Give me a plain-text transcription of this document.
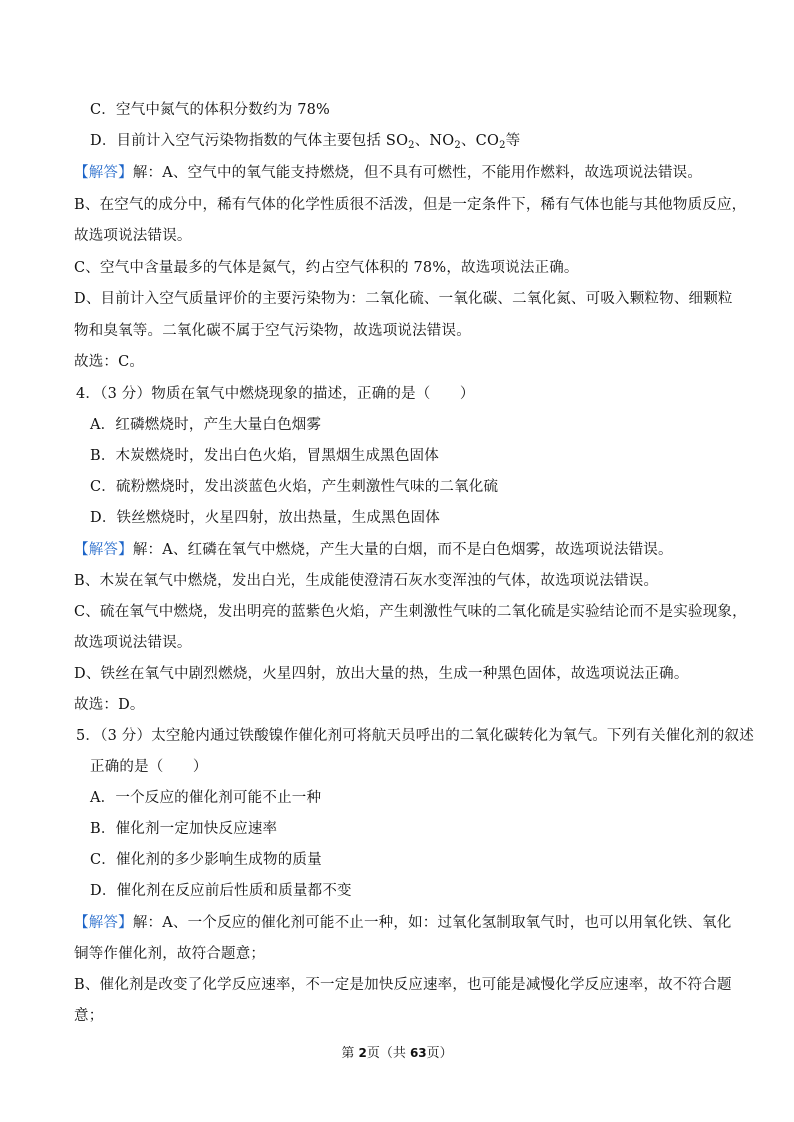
C．空气中氮气的体积分数约为 78%
D．目前计入空气污染物指数的气体主要包括 $SO_2$、$NO_2$、$CO_2$等
【解答】解：A、空气中的氧气能支持燃烧，但不具有可燃性，不能用作燃料，故选项说法错误。
B、在空气的成分中，稀有气体的化学性质很不活泼，但是一定条件下，稀有气体也能与其他物质反应，
故选项说法错误。
C、空气中含量最多的气体是氮气，约占空气体积的 78%，故选项说法正确。
D、目前计入空气质量评价的主要污染物为：二氧化硫、一氧化碳、二氧化氮、可吸入颗粒物、细颗粒
物和臭氧等。二氧化碳不属于空气污染物，故选项说法错误。
故选：C。
4．（3 分）物质在氧气中燃烧现象的描述，正确的是（　　）
A．红磷燃烧时，产生大量白色烟雾
B．木炭燃烧时，发出白色火焰，冒黑烟生成黑色固体
C．硫粉燃烧时，发出淡蓝色火焰，产生刺激性气味的二氧化硫
D．铁丝燃烧时，火星四射，放出热量，生成黑色固体
【解答】解：A、红磷在氧气中燃烧，产生大量的白烟，而不是白色烟雾，故选项说法错误。
B、木炭在氧气中燃烧，发出白光，生成能使澄清石灰水变浑浊的气体，故选项说法错误。
C、硫在氧气中燃烧，发出明亮的蓝紫色火焰，产生刺激性气味的二氧化硫是实验结论而不是实验现象，
故选项说法错误。
D、铁丝在氧气中剧烈燃烧，火星四射，放出大量的热，生成一种黑色固体，故选项说法正确。
故选：D。
5．（3 分）太空舱内通过铁酸镍作催化剂可将航天员呼出的二氧化碳转化为氧气。下列有关催化剂的叙述
正确的是（　　）
A．一个反应的催化剂可能不止一种
B．催化剂一定加快反应速率
C．催化剂的多少影响生成物的质量
D．催化剂在反应前后性质和质量都不变
【解答】解：A、一个反应的催化剂可能不止一种，如：过氧化氢制取氧气时，也可以用氧化铁、氧化
铜等作催化剂，故符合题意；
B、催化剂是改变了化学反应速率，不一定是加快反应速率，也可能是减慢化学反应速率，故不符合题
意；
第 2页（共 63页）
